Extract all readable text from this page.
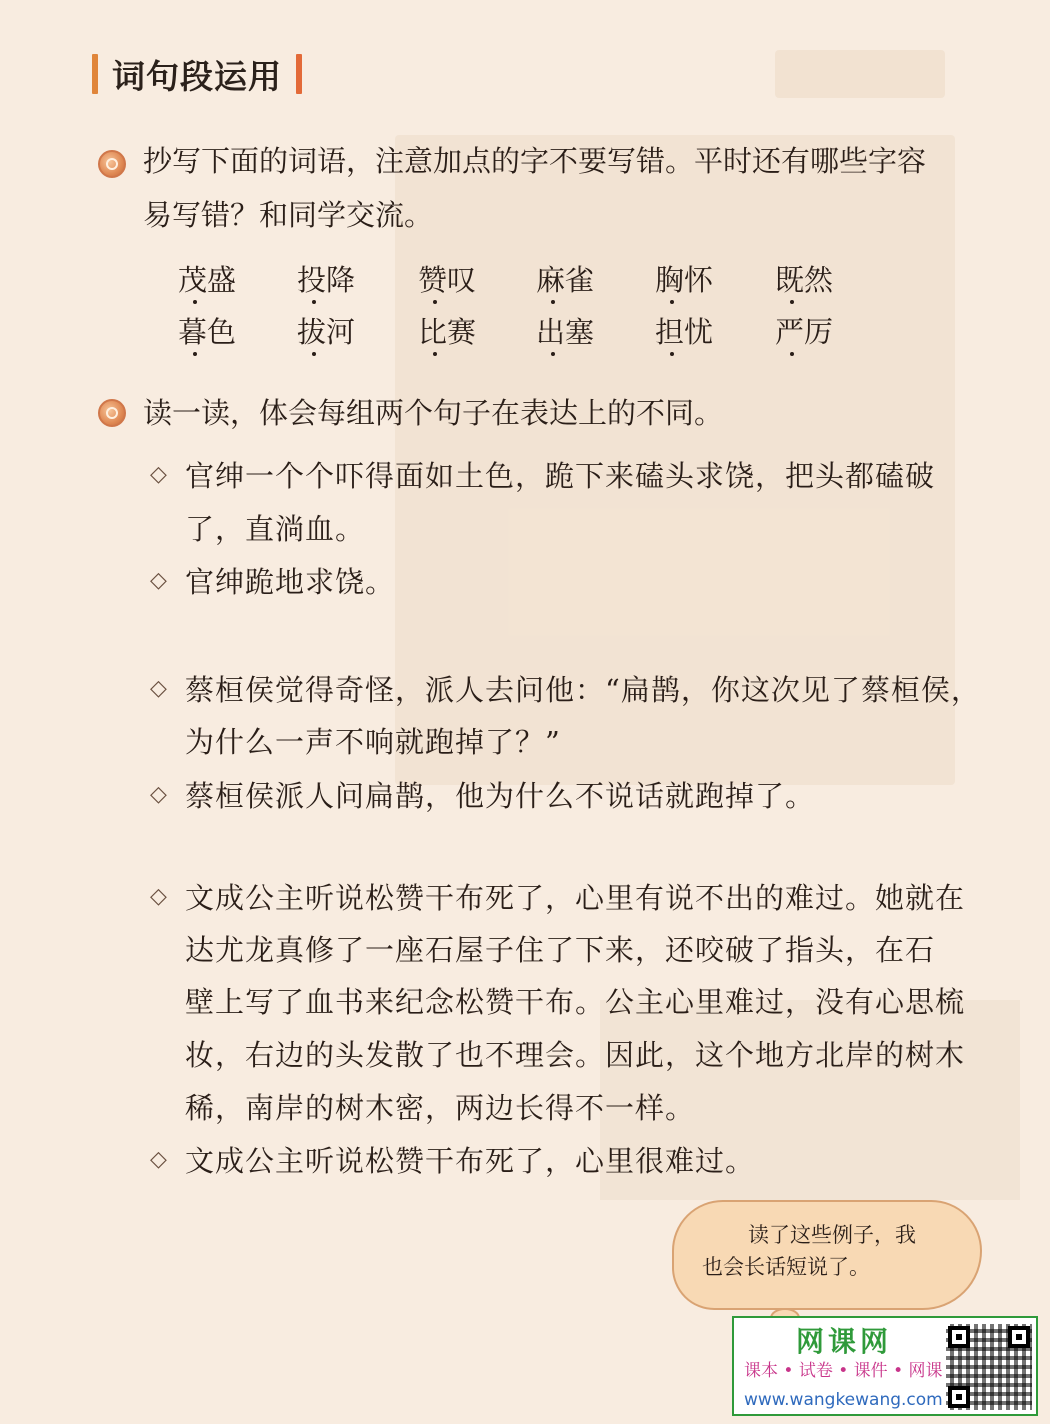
词句段运用

抄写下面的词语，注意加点的字不要写错。平时还有哪些字容

易写错？和同学交流。

茂盛 投降 赞叹 麻雀 胸怀 既然
暮色 拔河 比赛 出塞 担忧 严厉

读一读，体会每组两个句子在表达上的不同。

◇ 官绅一个个吓得面如土色，跪下来磕头求饶，把头都磕破

了，直淌血。

◇ 官绅跪地求饶。

◇ 蔡桓侯觉得奇怪，派人去问他：“扁鹊，你这次见了蔡桓侯，

为什么一声不响就跑掉了？”

◇ 蔡桓侯派人问扁鹊，他为什么不说话就跑掉了。

◇ 文成公主听说松赞干布死了，心里有说不出的难过。她就在

达尤龙真修了一座石屋子住了下来，还咬破了指头，在石

壁上写了血书来纪念松赞干布。公主心里难过，没有心思梳

妆，右边的头发散了也不理会。因此，这个地方北岸的树木

稀，南岸的树木密，两边长得不一样。

◇ 文成公主听说松赞干布死了，心里很难过。

读了这些例子，我
也会长话短说了。
网课网
课本 • 试卷 • 课件 • 网课
www.wangkewang.com
